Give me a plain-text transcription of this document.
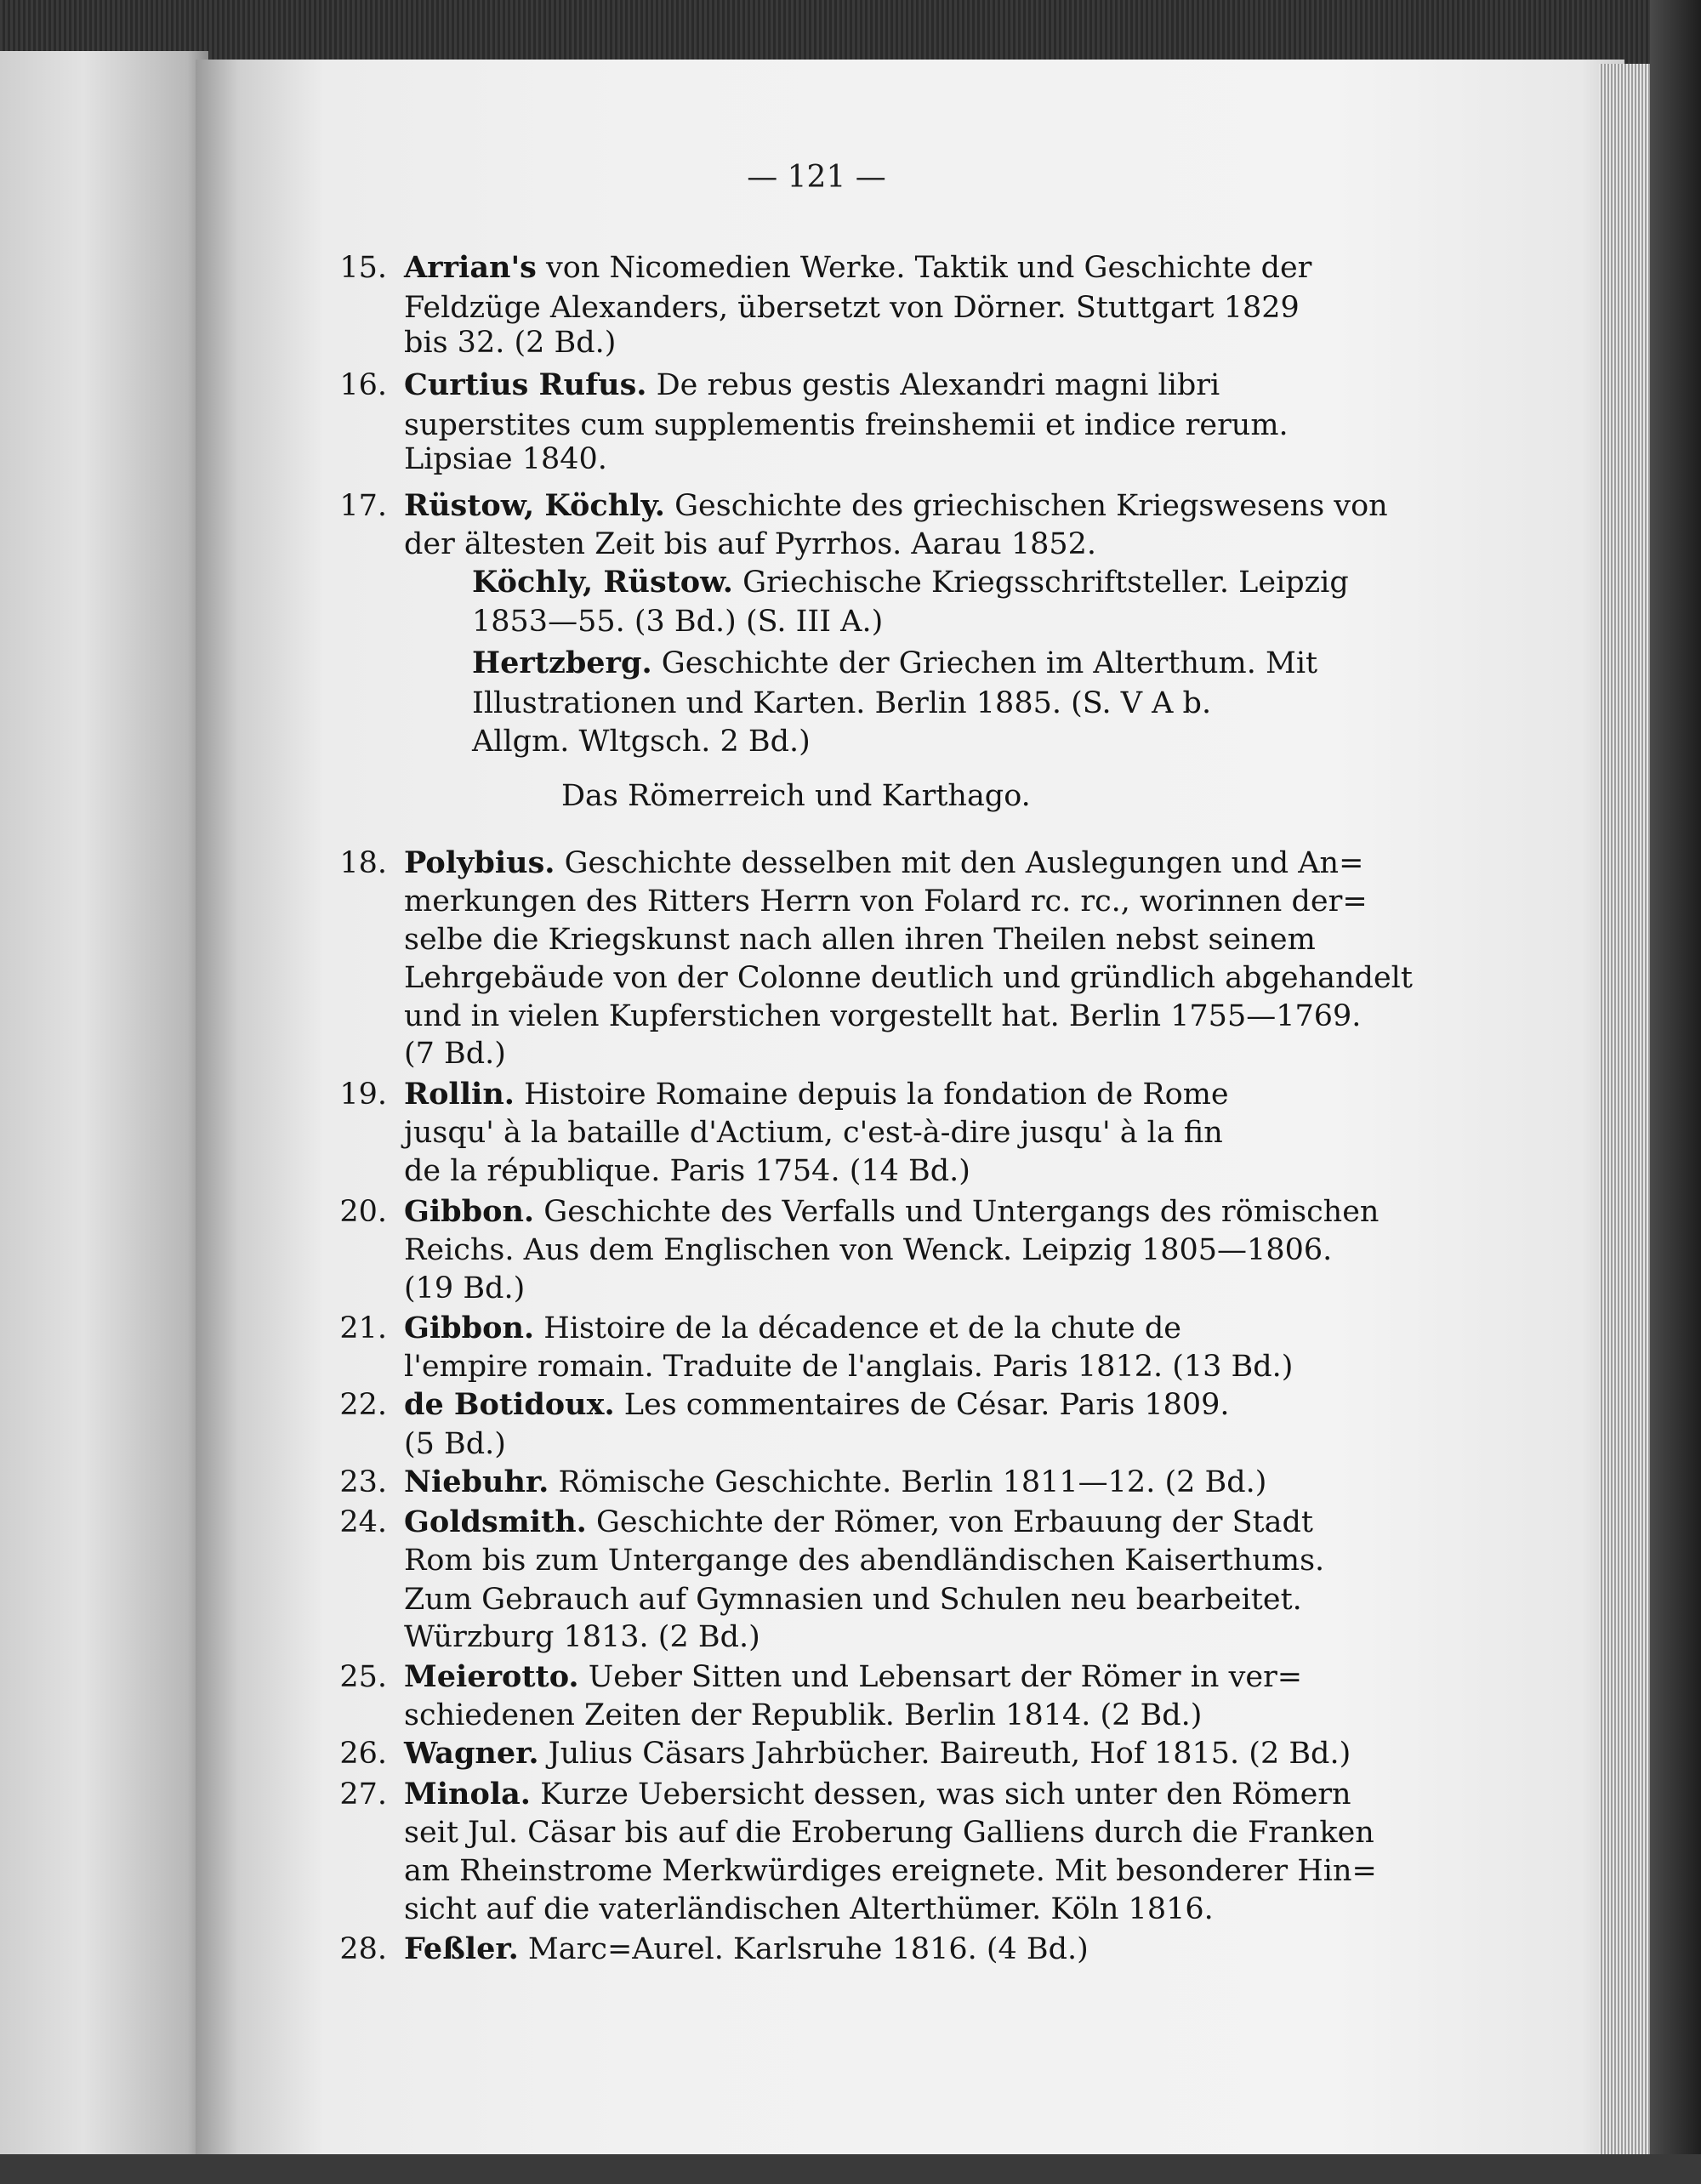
— 121 —
15. Arrian's von Nicomedien Werke. Taktik und Geschichte der
Feldzüge Alexanders, übersetzt von Dörner. Stuttgart 1829
bis 32. (2 Bd.)
16. Curtius Rufus. De rebus gestis Alexandri magni libri
superstites cum supplementis freinshemii et indice rerum.
Lipsiae 1840.
17. Rüstow, Köchly. Geschichte des griechischen Kriegswesens von
der ältesten Zeit bis auf Pyrrhos. Aarau 1852.
Köchly, Rüstow. Griechische Kriegsschriftsteller. Leipzig
1853—55. (3 Bd.) (S. III A.)
Hertzberg. Geschichte der Griechen im Alterthum. Mit
Illustrationen und Karten. Berlin 1885. (S. V A b.
Allgm. Wltgsch. 2 Bd.)
18. Polybius. Geschichte desselben mit den Auslegungen und An=
merkungen des Ritters Herrn von Folard rc. rc., worinnen der=
selbe die Kriegskunst nach allen ihren Theilen nebst seinem
Lehrgebäude von der Colonne deutlich und gründlich abgehandelt
und in vielen Kupferstichen vorgestellt hat. Berlin 1755—1769.
(7 Bd.)
19. Rollin. Histoire Romaine depuis la fondation de Rome
jusqu' à la bataille d'Actium, c'est-à-dire jusqu' à la fin
de la république. Paris 1754. (14 Bd.)
20. Gibbon. Geschichte des Verfalls und Untergangs des römischen
Reichs. Aus dem Englischen von Wenck. Leipzig 1805—1806.
(19 Bd.)
21. Gibbon. Histoire de la décadence et de la chute de
l'empire romain. Traduite de l'anglais. Paris 1812. (13 Bd.)
22. de Botidoux. Les commentaires de César. Paris 1809.
(5 Bd.)
23. Niebuhr. Römische Geschichte. Berlin 1811—12. (2 Bd.)
24. Goldsmith. Geschichte der Römer, von Erbauung der Stadt
Rom bis zum Untergange des abendländischen Kaiserthums.
Zum Gebrauch auf Gymnasien und Schulen neu bearbeitet.
Würzburg 1813. (2 Bd.)
25. Meierotto. Ueber Sitten und Lebensart der Römer in ver=
schiedenen Zeiten der Republik. Berlin 1814. (2 Bd.)
26. Wagner. Julius Cäsars Jahrbücher. Baireuth, Hof 1815. (2 Bd.)
27. Minola. Kurze Uebersicht dessen, was sich unter den Römern
seit Jul. Cäsar bis auf die Eroberung Galliens durch die Franken
am Rheinstrome Merkwürdiges ereignete. Mit besonderer Hin=
sicht auf die vaterländischen Alterthümer. Köln 1816.
28. Feßler. Marc=Aurel. Karlsruhe 1816. (4 Bd.)
Das Römerreich und Karthago.
